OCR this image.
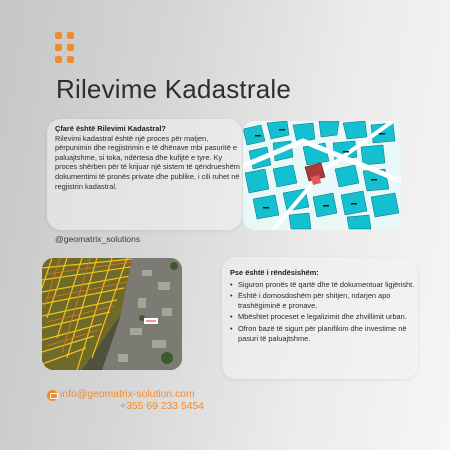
Rilevime Kadastrale
Çfarë është Rilevimi Kadastral?
Rilevimi kadastral është një proces për matjen, përpunimin dhe regjistrimin e të dhënave mbi pasuritë e paluajtshme, si toka, ndërtesa dhe kufijtë e tyre. Ky proces shërben për të krijuar një sistem të qëndrueshëm dokumentimi të pronës private dhe publike, i cili ruhet në regjistrin kadastral.
@geomatrix_solutions
Pse është i rëndësishëm:
• Siguron pronës të qartë dhe të dokumentuar ligjërisht.
• Është i domosdoshëm për shitjen, ndarjen apo trashëgiminë e pronave.
• Mbështet proceset e legalizimit dhe zhvillimit urban.
• Ofron bazë të sigurt për planifikim dhe investime në pasuri të paluajtshme.
info@geomatrix-solution.com
+355 69 233 5454
